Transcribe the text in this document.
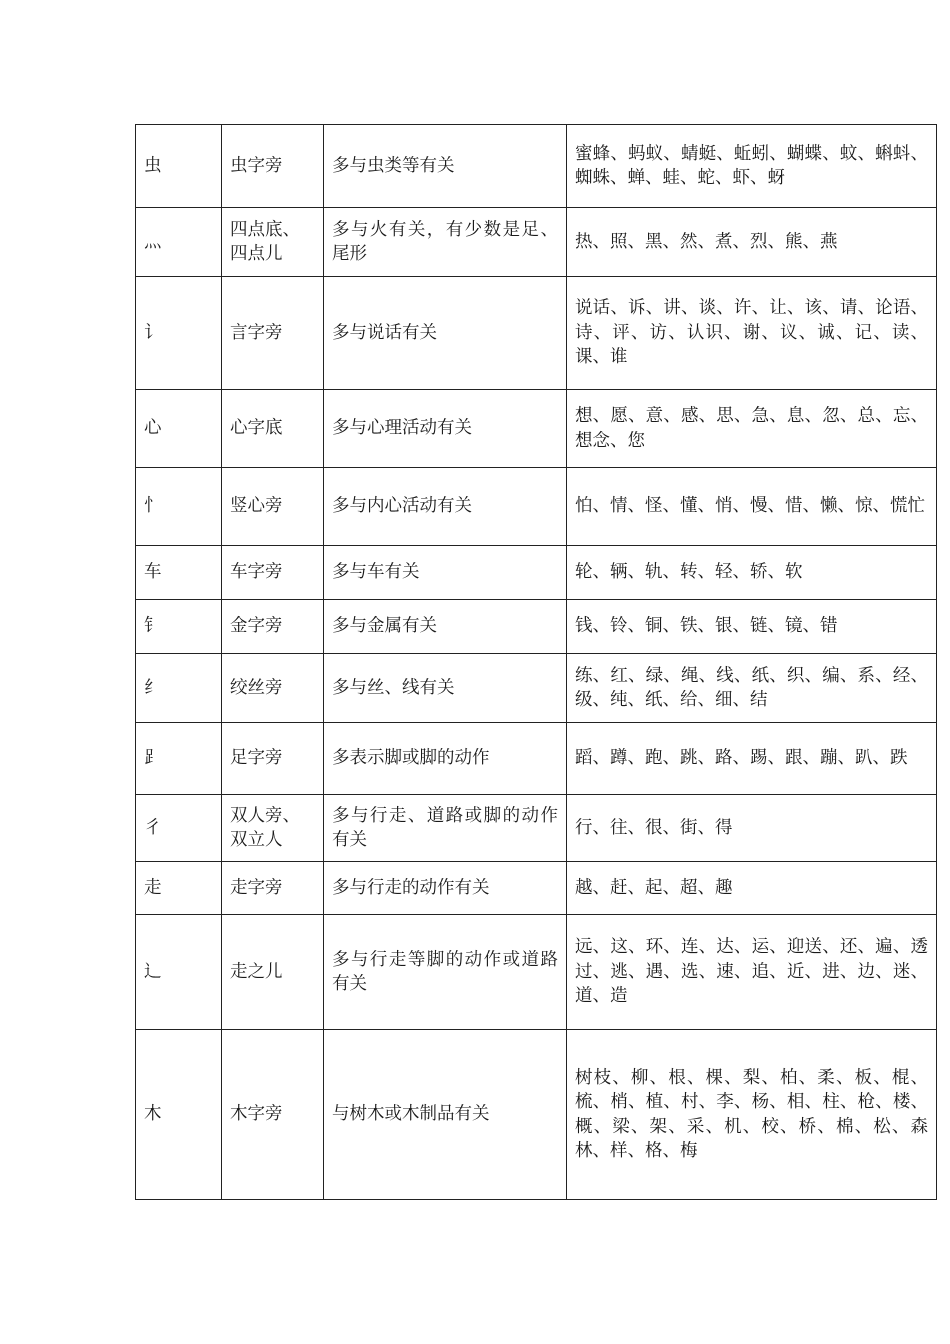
虫	虫字旁	多与虫类等有关	蜜蜂、蚂蚁、蜻蜓、蚯蚓、蝴蝶、蚊、蝌蚪、蜘蛛、蝉、蛙、蛇、虾、蚜
灬	四点底、四点儿	多与火有关，有少数是足、尾形	热、照、黑、然、煮、烈、熊、燕
讠	言字旁	多与说话有关	说话、诉、讲、谈、许、让、该、请、论语、诗、评、访、认识、谢、议、诚、记、读、课、谁
心	心字底	多与心理活动有关	想、愿、意、感、思、急、息、忽、总、忘、想念、您
忄	竖心旁	多与内心活动有关	怕、情、怪、懂、悄、慢、惜、懒、惊、慌忙
车	车字旁	多与车有关	轮、辆、轨、转、轻、轿、软
钅	金字旁	多与金属有关	钱、铃、铜、铁、银、链、镜、错
纟	绞丝旁	多与丝、线有关	练、红、绿、绳、线、纸、织、编、系、经、级、纯、纸、给、细、结
⻊	足字旁	多表示脚或脚的动作	蹈、蹲、跑、跳、路、踢、跟、蹦、趴、跌
彳	双人旁、双立人	多与行走、道路或脚的动作有关	行、往、很、街、得
走	走字旁	多与行走的动作有关	越、赶、起、超、趣
辶	走之儿	多与行走等脚的动作或道路有关	远、这、环、连、达、运、迎送、还、遍、透过、逃、遇、选、速、追、近、进、边、迷、道、造
木	木字旁	与树木或木制品有关	树枝、柳、根、棵、梨、柏、柔、板、棍、梳、梢、植、村、李、杨、相、柱、枪、楼、概、梁、架、采、机、校、桥、棉、松、森林、样、格、梅
